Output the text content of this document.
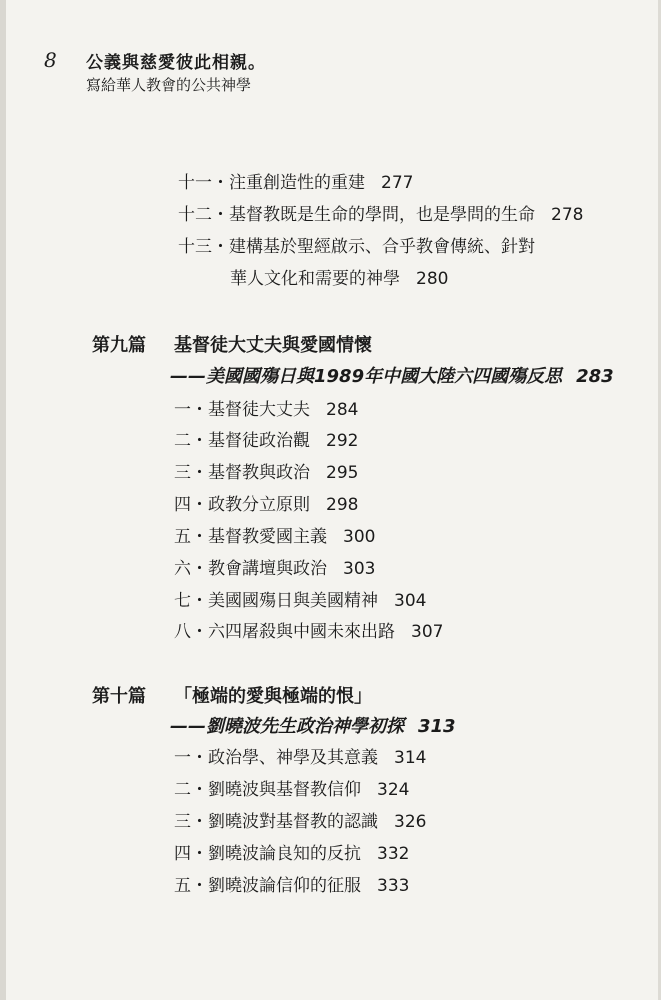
8 公義與慈愛彼此相親。
寫給華人教會的公共神學
十一・注重創造性的重建 277
十二・基督教既是生命的學問，也是學問的生命 278
十三・建構基於聖經啟示、合乎教會傳統、針對
華人文化和需要的神學 280
第九篇 基督徒大丈夫與愛國情懷
——美國國殤日與1989年中國大陸六四國殤反思 283
一・基督徒大丈夫 284
二・基督徒政治觀 292
三・基督教與政治 295
四・政教分立原則 298
五・基督教愛國主義 300
六・教會講壇與政治 303
七・美國國殤日與美國精神 304
八・六四屠殺與中國未來出路 307
第十篇 「極端的愛與極端的恨」
——劉曉波先生政治神學初探 313
一・政治學、神學及其意義 314
二・劉曉波與基督教信仰 324
三・劉曉波對基督教的認識 326
四・劉曉波論良知的反抗 332
五・劉曉波論信仰的征服 333
